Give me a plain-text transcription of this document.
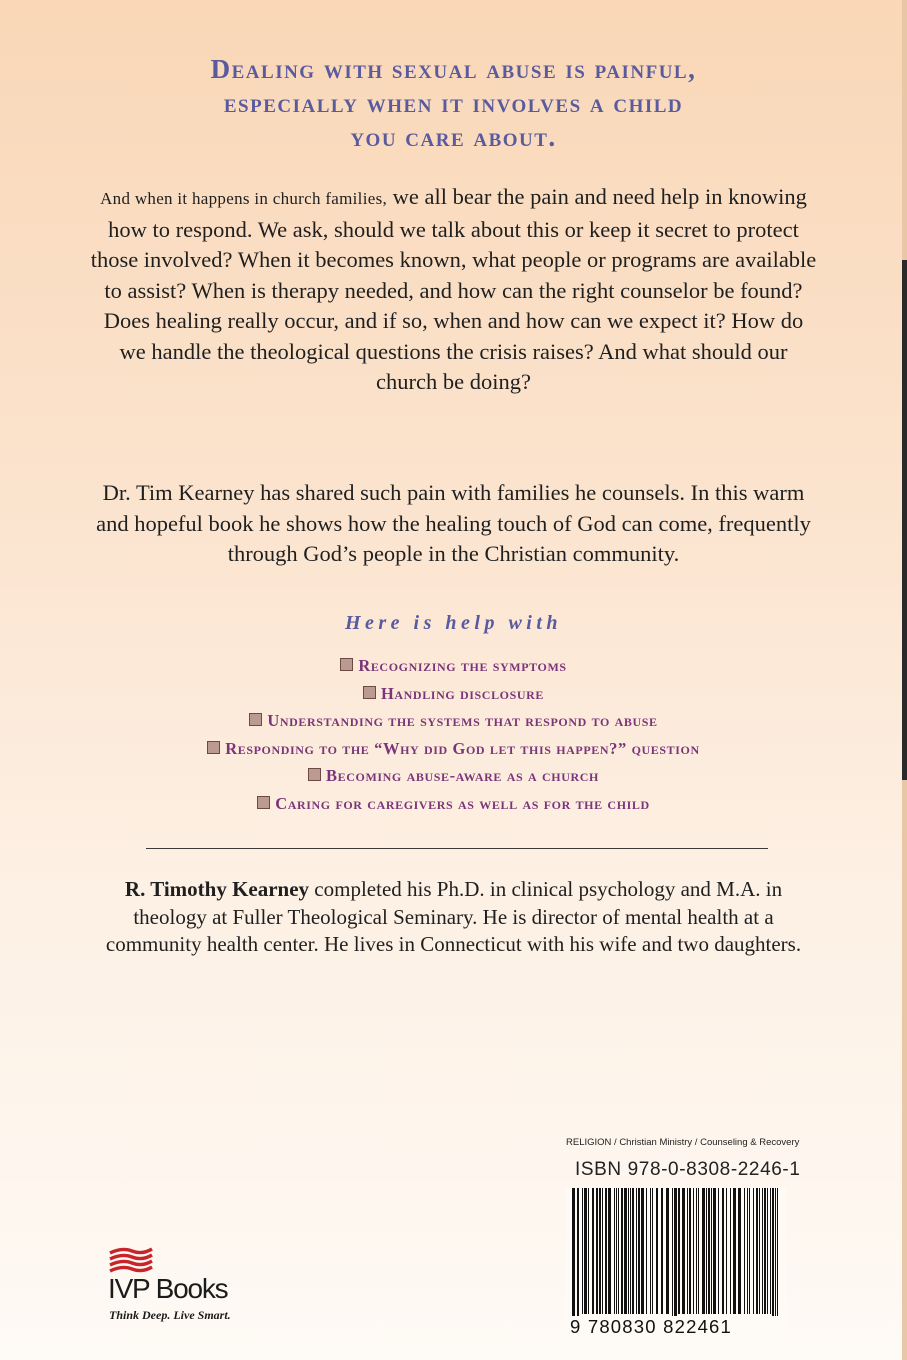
Dealing with sexual abuse is painful,
especially when it involves a child
you care about.
And when it happens in church families, we all bear the pain and need help in knowing how to respond. We ask, should we talk about this or keep it secret to protect those involved? When it becomes known, what people or programs are available to assist? When is therapy needed, and how can the right counselor be found? Does healing really occur, and if so, when and how can we expect it? How do we handle the theological questions the crisis raises? And what should our church be doing?
Dr. Tim Kearney has shared such pain with families he counsels. In this warm and hopeful book he shows how the healing touch of God can come, frequently through God’s people in the Christian community.
Here is help with
Recognizing the symptoms
Handling disclosure
Understanding the systems that respond to abuse
Responding to the “Why did God let this happen?” question
Becoming abuse-aware as a church
Caring for caregivers as well as for the child
R. Timothy Kearney completed his Ph.D. in clinical psychology and M.A. in theology at Fuller Theological Seminary. He is director of mental health at a community health center. He lives in Connecticut with his wife and two daughters.
RELIGION / Christian Ministry / Counseling & Recovery
ISBN 978-0-8308-2246-1
9 780830 822461
IVP Books
Think Deep. Live Smart.
